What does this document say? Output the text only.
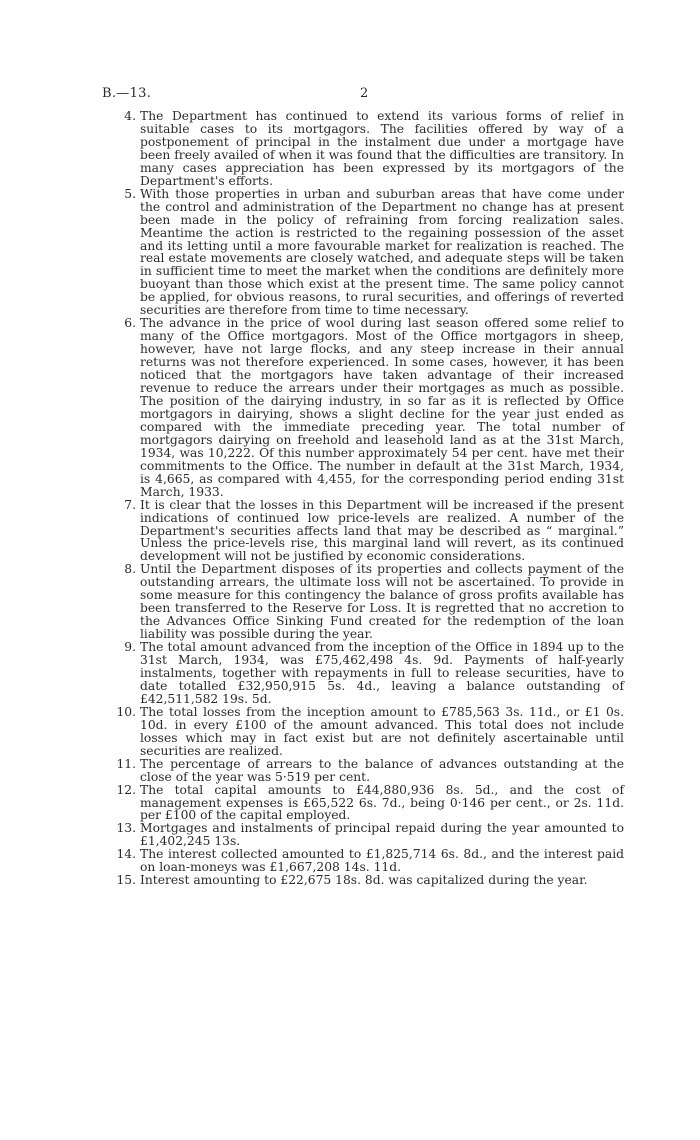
B.—13.	2
4. The Department has continued to extend its various forms of relief in suitable cases to its mortgagors. The facilities offered by way of a postponement of principal in the instalment due under a mortgage have been freely availed of when it was found that the difficulties are transitory. In many cases appreciation has been expressed by its mortgagors of the Department's efforts.
5. With those properties in urban and suburban areas that have come under the control and administration of the Department no change has at present been made in the policy of refraining from forcing realization sales. Meantime the action is restricted to the regaining possession of the asset and its letting until a more favourable market for realization is reached. The real estate movements are closely watched, and adequate steps will be taken in sufficient time to meet the market when the conditions are definitely more buoyant than those which exist at the present time. The same policy cannot be applied, for obvious reasons, to rural securities, and offerings of reverted securities are therefore from time to time necessary.
6. The advance in the price of wool during last season offered some relief to many of the Office mortgagors. Most of the Office mortgagors in sheep, however, have not large flocks, and any steep increase in their annual returns was not therefore experienced. In some cases, however, it has been noticed that the mortgagors have taken advantage of their increased revenue to reduce the arrears under their mortgages as much as possible. The position of the dairying industry, in so far as it is reflected by Office mortgagors in dairying, shows a slight decline for the year just ended as compared with the immediate preceding year. The total number of mortgagors dairying on freehold and leasehold land as at the 31st March, 1934, was 10,222. Of this number approximately 54 per cent. have met their commitments to the Office. The number in default at the 31st March, 1934, is 4,665, as compared with 4,455, for the corresponding period ending 31st March, 1933.
7. It is clear that the losses in this Department will be increased if the present indications of continued low price-levels are realized. A number of the Department's securities affects land that may be described as “ marginal.” Unless the price-levels rise, this marginal land will revert, as its continued development will not be justified by economic considerations.
8. Until the Department disposes of its properties and collects payment of the outstanding arrears, the ultimate loss will not be ascertained. To provide in some measure for this contingency the balance of gross profits available has been transferred to the Reserve for Loss. It is regretted that no accretion to the Advances Office Sinking Fund created for the redemption of the loan liability was possible during the year.
9. The total amount advanced from the inception of the Office in 1894 up to the 31st March, 1934, was £75,462,498 4s. 9d. Payments of half-yearly instalments, together with repayments in full to release securities, have to date totalled £32,950,915 5s. 4d., leaving a balance outstanding of £42,511,582 19s. 5d.
10. The total losses from the inception amount to £785,563 3s. 11d., or £1 0s. 10d. in every £100 of the amount advanced. This total does not include losses which may in fact exist but are not definitely ascertainable until securities are realized.
11. The percentage of arrears to the balance of advances outstanding at the close of the year was 5·519 per cent.
12. The total capital amounts to £44,880,936 8s. 5d., and the cost of management expenses is £65,522 6s. 7d., being 0·146 per cent., or 2s. 11d. per £100 of the capital employed.
13. Mortgages and instalments of principal repaid during the year amounted to £1,402,245 13s.
14. The interest collected amounted to £1,825,714 6s. 8d., and the interest paid on loan-moneys was £1,667,208 14s. 11d.
15. Interest amounting to £22,675 18s. 8d. was capitalized during the year.
